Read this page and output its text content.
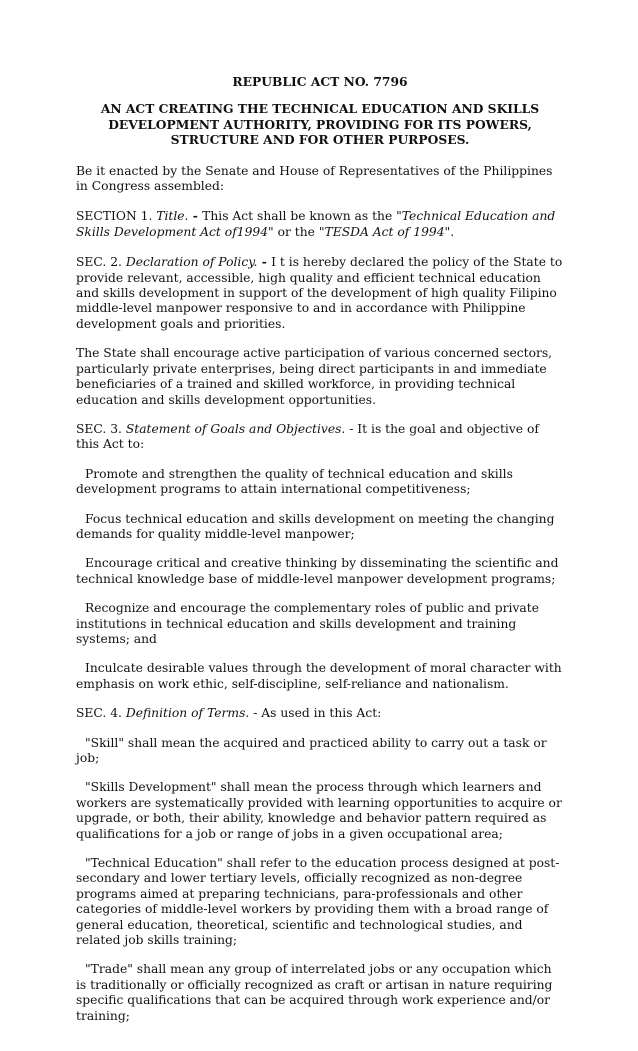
REPUBLIC ACT NO. 7796

AN ACT CREATING THE TECHNICAL EDUCATION AND SKILLS DEVELOPMENT AUTHORITY, PROVIDING FOR ITS POWERS, STRUCTURE AND FOR OTHER PURPOSES.

Be it enacted by the Senate and House of Representatives of the Philippines in Congress assembled:

SECTION 1. Title. - This Act shall be known as the "Technical Education and Skills Development Act of1994" or the "TESDA Act of 1994".

SEC. 2. Declaration of Policy. - I t is hereby declared the policy of the State to provide relevant, accessible, high quality and efficient technical education and skills development in support of the development of high quality Filipino middle-level manpower responsive to and in accordance with Philippine development goals and priorities.

The State shall encourage active participation of various concerned sectors, particularly private enterprises, being direct participants in and immediate beneficiaries of a trained and skilled workforce, in providing technical education and skills development opportunities.

SEC. 3. Statement of Goals and Objectives. - It is the goal and objective of this Act to:

Promote and strengthen the quality of technical education and skills development programs to attain international competitiveness;

Focus technical education and skills development on meeting the changing demands for quality middle-level manpower;

Encourage critical and creative thinking by disseminating the scientific and technical knowledge base of middle-level manpower development programs;

Recognize and encourage the complementary roles of public and private institutions in technical education and skills development and training systems; and

Inculcate desirable values through the development of moral character with emphasis on work ethic, self-discipline, self-reliance and nationalism.

SEC. 4. Definition of Terms. - As used in this Act:

"Skill" shall mean the acquired and practiced ability to carry out a task or job;

"Skills Development" shall mean the process through which learners and workers are systematically provided with learning opportunities to acquire or upgrade, or both, their ability, knowledge and behavior pattern required as qualifications for a job or range of jobs in a given occupational area;

"Technical Education" shall refer to the education process designed at post-secondary and lower tertiary levels, officially recognized as non-degree programs aimed at preparing technicians, para-professionals and other categories of middle-level workers by providing them with a broad range of general education, theoretical, scientific and technological studies, and related job skills training;

"Trade" shall mean any group of interrelated jobs or any occupation which is traditionally or officially recognized as craft or artisan in nature requiring specific qualifications that can be acquired through work experience and/or training;
